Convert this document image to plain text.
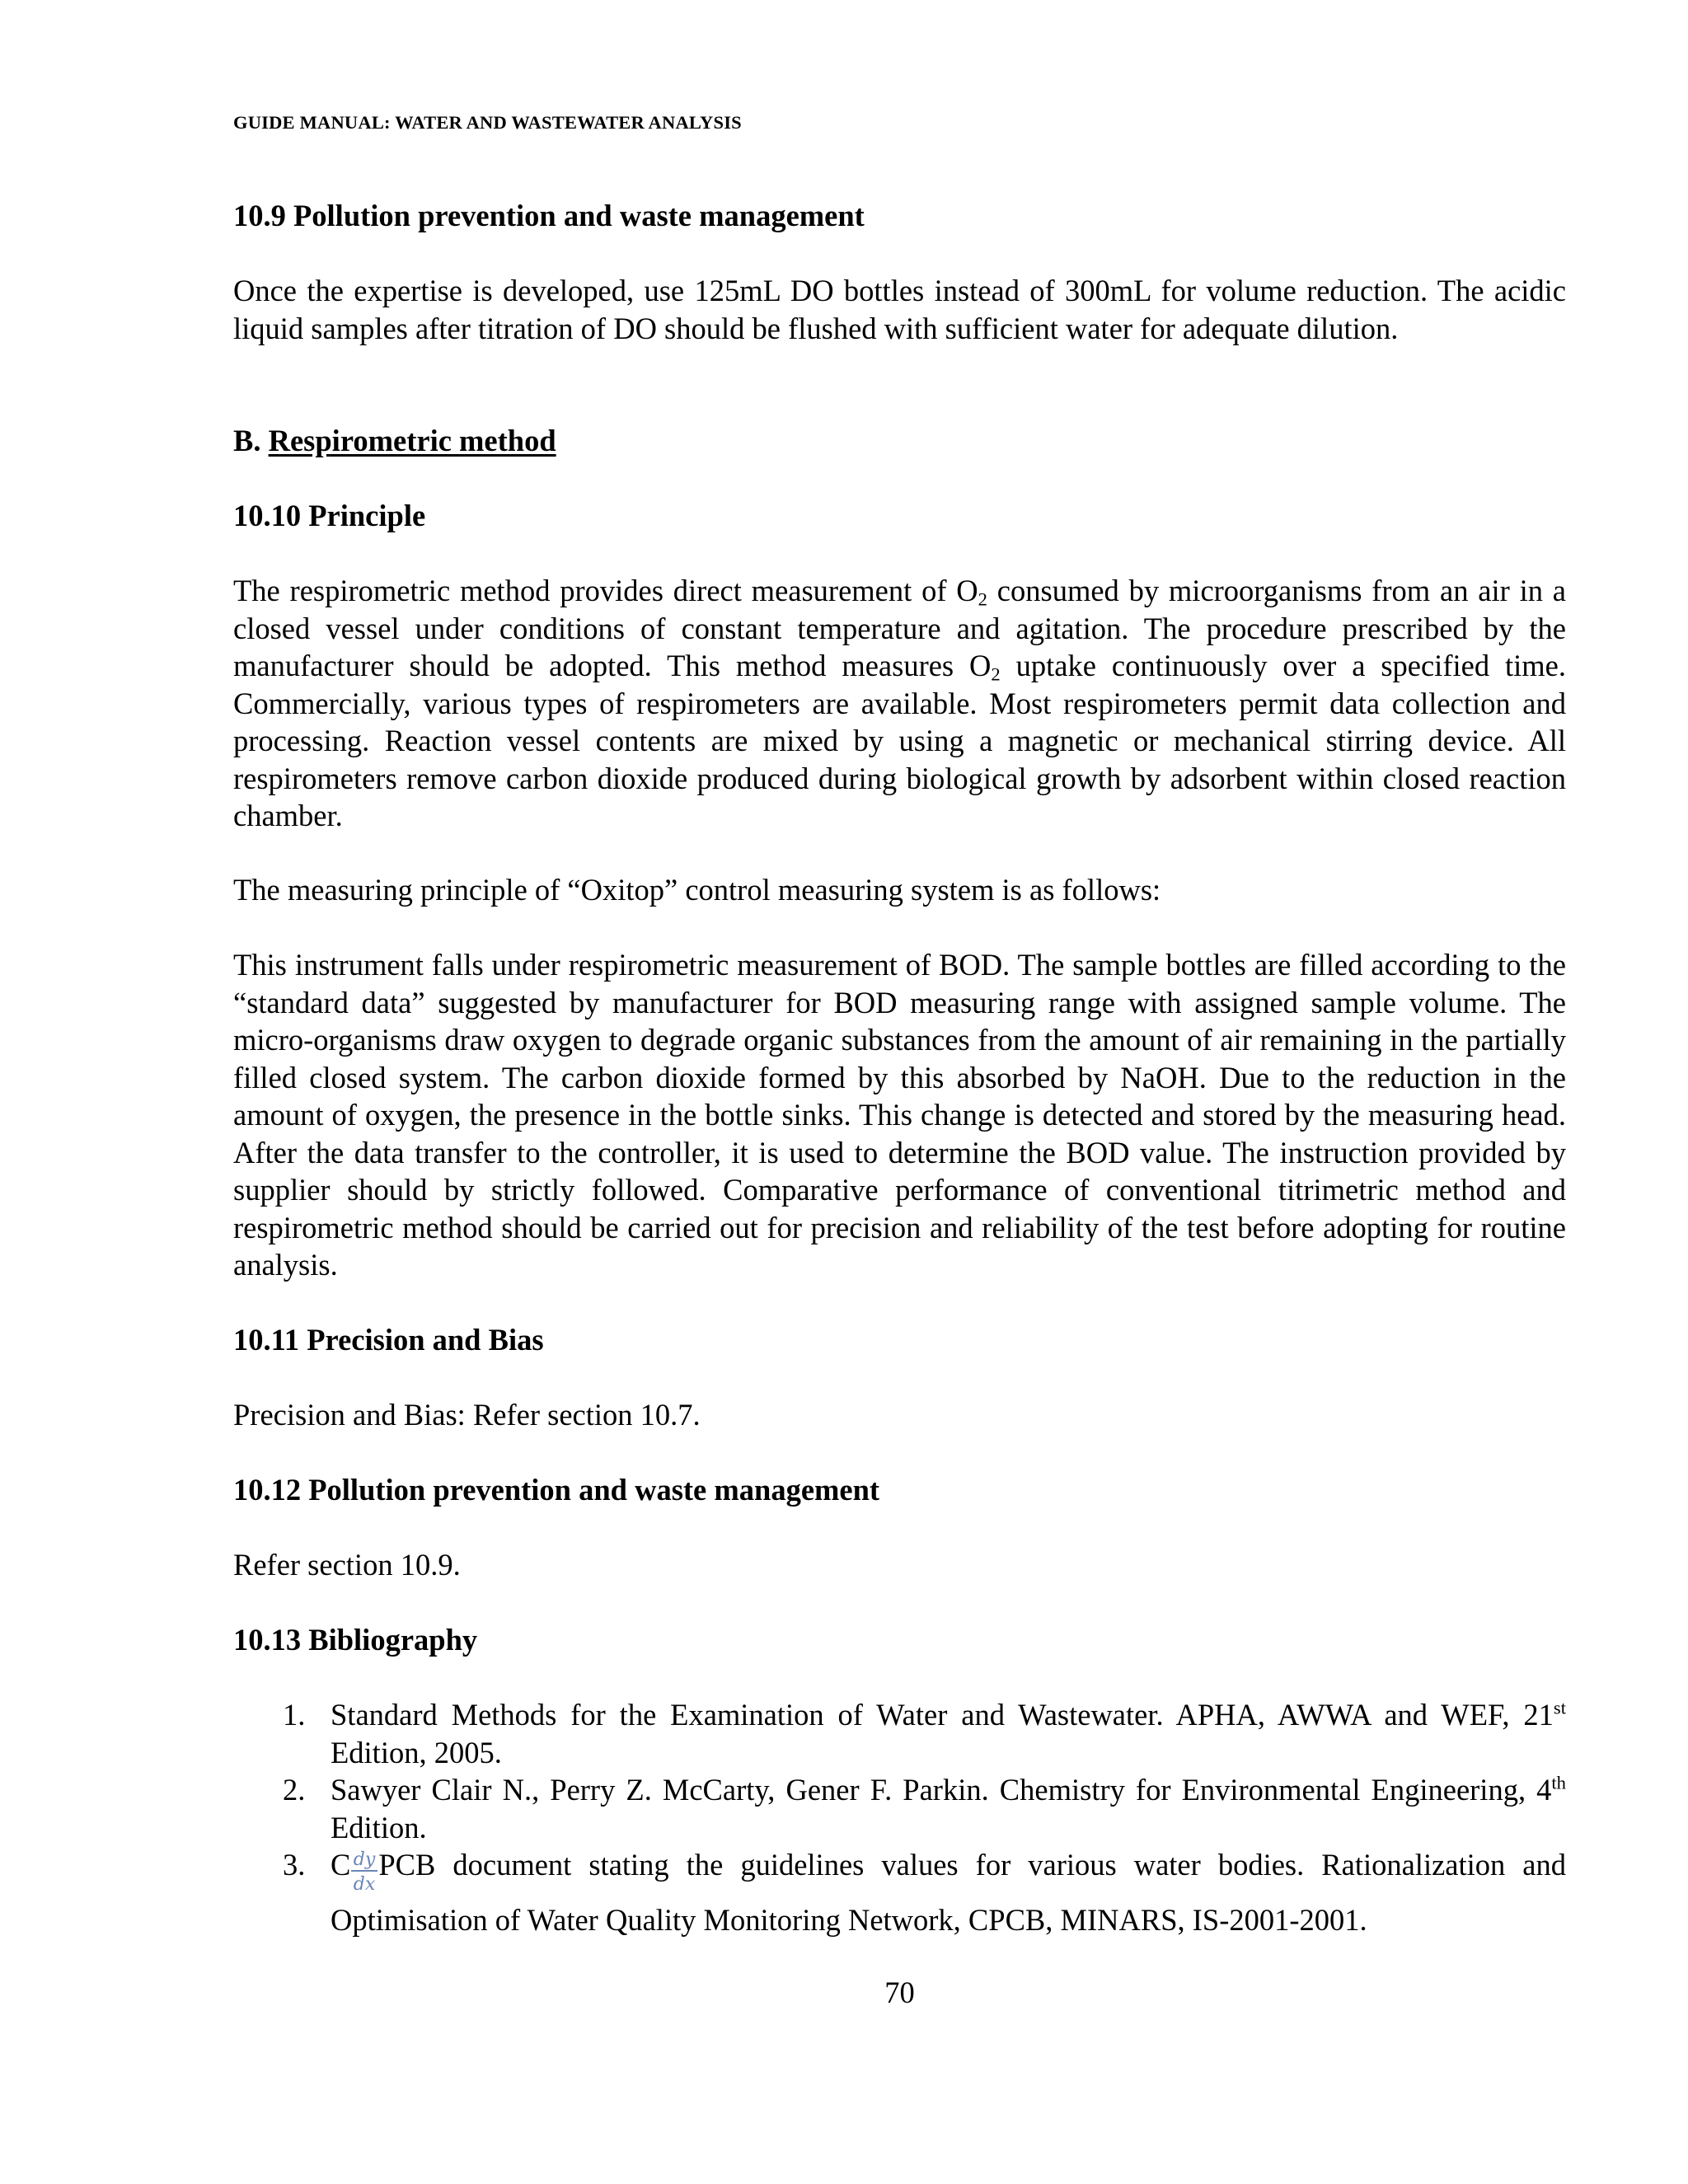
GUIDE MANUAL: WATER AND WASTEWATER ANALYSIS
10.9 Pollution prevention and waste management
Once the expertise is developed, use 125mL DO bottles instead of 300mL for volume reduction. The acidic liquid samples after titration of DO should be flushed with sufficient water for adequate dilution.
B. Respirometric method
10.10 Principle
The respirometric method provides direct measurement of $O_2$ consumed by microorganisms from an air in a closed vessel under conditions of constant temperature and agitation. The procedure prescribed by the manufacturer should be adopted. This method measures $O_2$ uptake continuously over a specified time. Commercially, various types of respirometers are available. Most respirometers permit data collection and processing. Reaction vessel contents are mixed by using a magnetic or mechanical stirring device. All respirometers remove carbon dioxide produced during biological growth by adsorbent within closed reaction chamber.
The measuring principle of “Oxitop” control measuring system is as follows:
This instrument falls under respirometric measurement of BOD. The sample bottles are filled according to the “standard data” suggested by manufacturer for BOD measuring range with assigned sample volume. The micro-organisms draw oxygen to degrade organic substances from the amount of air remaining in the partially filled closed system. The carbon dioxide formed by this absorbed by NaOH. Due to the reduction in the amount of oxygen, the presence in the bottle sinks. This change is detected and stored by the measuring head. After the data transfer to the controller, it is used to determine the BOD value. The instruction provided by supplier should by strictly followed. Comparative performance of conventional titrimetric method and respirometric method should be carried out for precision and reliability of the test before adopting for routine analysis.
10.11 Precision and Bias
Precision and Bias: Refer section 10.7.
10.12 Pollution prevention and waste management
Refer section 10.9.
10.13 Bibliography
1. Standard Methods for the Examination of Water and Wastewater. APHA, AWWA and WEF, 21st Edition, 2005.
2. Sawyer Clair N., Perry Z. McCarty, Gener F. Parkin. Chemistry for Environmental Engineering, 4th Edition.
3. C dy
dx
PCB document stating the guidelines values for various water bodies. Rationalization and Optimisation of Water Quality Monitoring Network, CPCB, MINARS, IS-2001-2001.
70
